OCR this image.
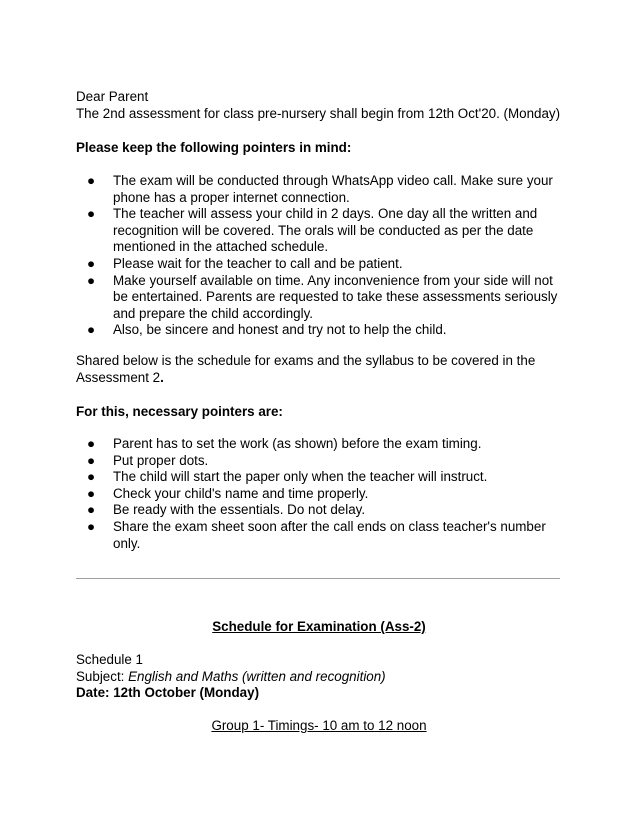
Dear Parent
The 2nd assessment for class pre-nursery shall begin from 12th Oct'20. (Monday)
Please keep the following pointers in mind:
● The exam will be conducted through WhatsApp video call. Make sure your phone has a proper internet connection.
● The teacher will assess your child in 2 days. One day all the written and recognition will be covered. The orals will be conducted as per the date mentioned in the attached schedule.
● Please wait for the teacher to call and be patient.
● Make yourself available on time. Any inconvenience from your side will not be entertained. Parents are requested to take these assessments seriously and prepare the child accordingly.
● Also, be sincere and honest and try not to help the child.
Shared below is the schedule for exams and the syllabus to be covered in the
Assessment 2.
For this, necessary pointers are:
● Parent has to set the work (as shown) before the exam timing.
● Put proper dots.
● The child will start the paper only when the teacher will instruct.
● Check your child's name and time properly.
● Be ready with the essentials. Do not delay.
● Share the exam sheet soon after the call ends on class teacher's number only.
Schedule for Examination (Ass-2)
Schedule 1
Subject: English and Maths (written and recognition)
Date: 12th October (Monday)
Group 1- Timings- 10 am to 12 noon
